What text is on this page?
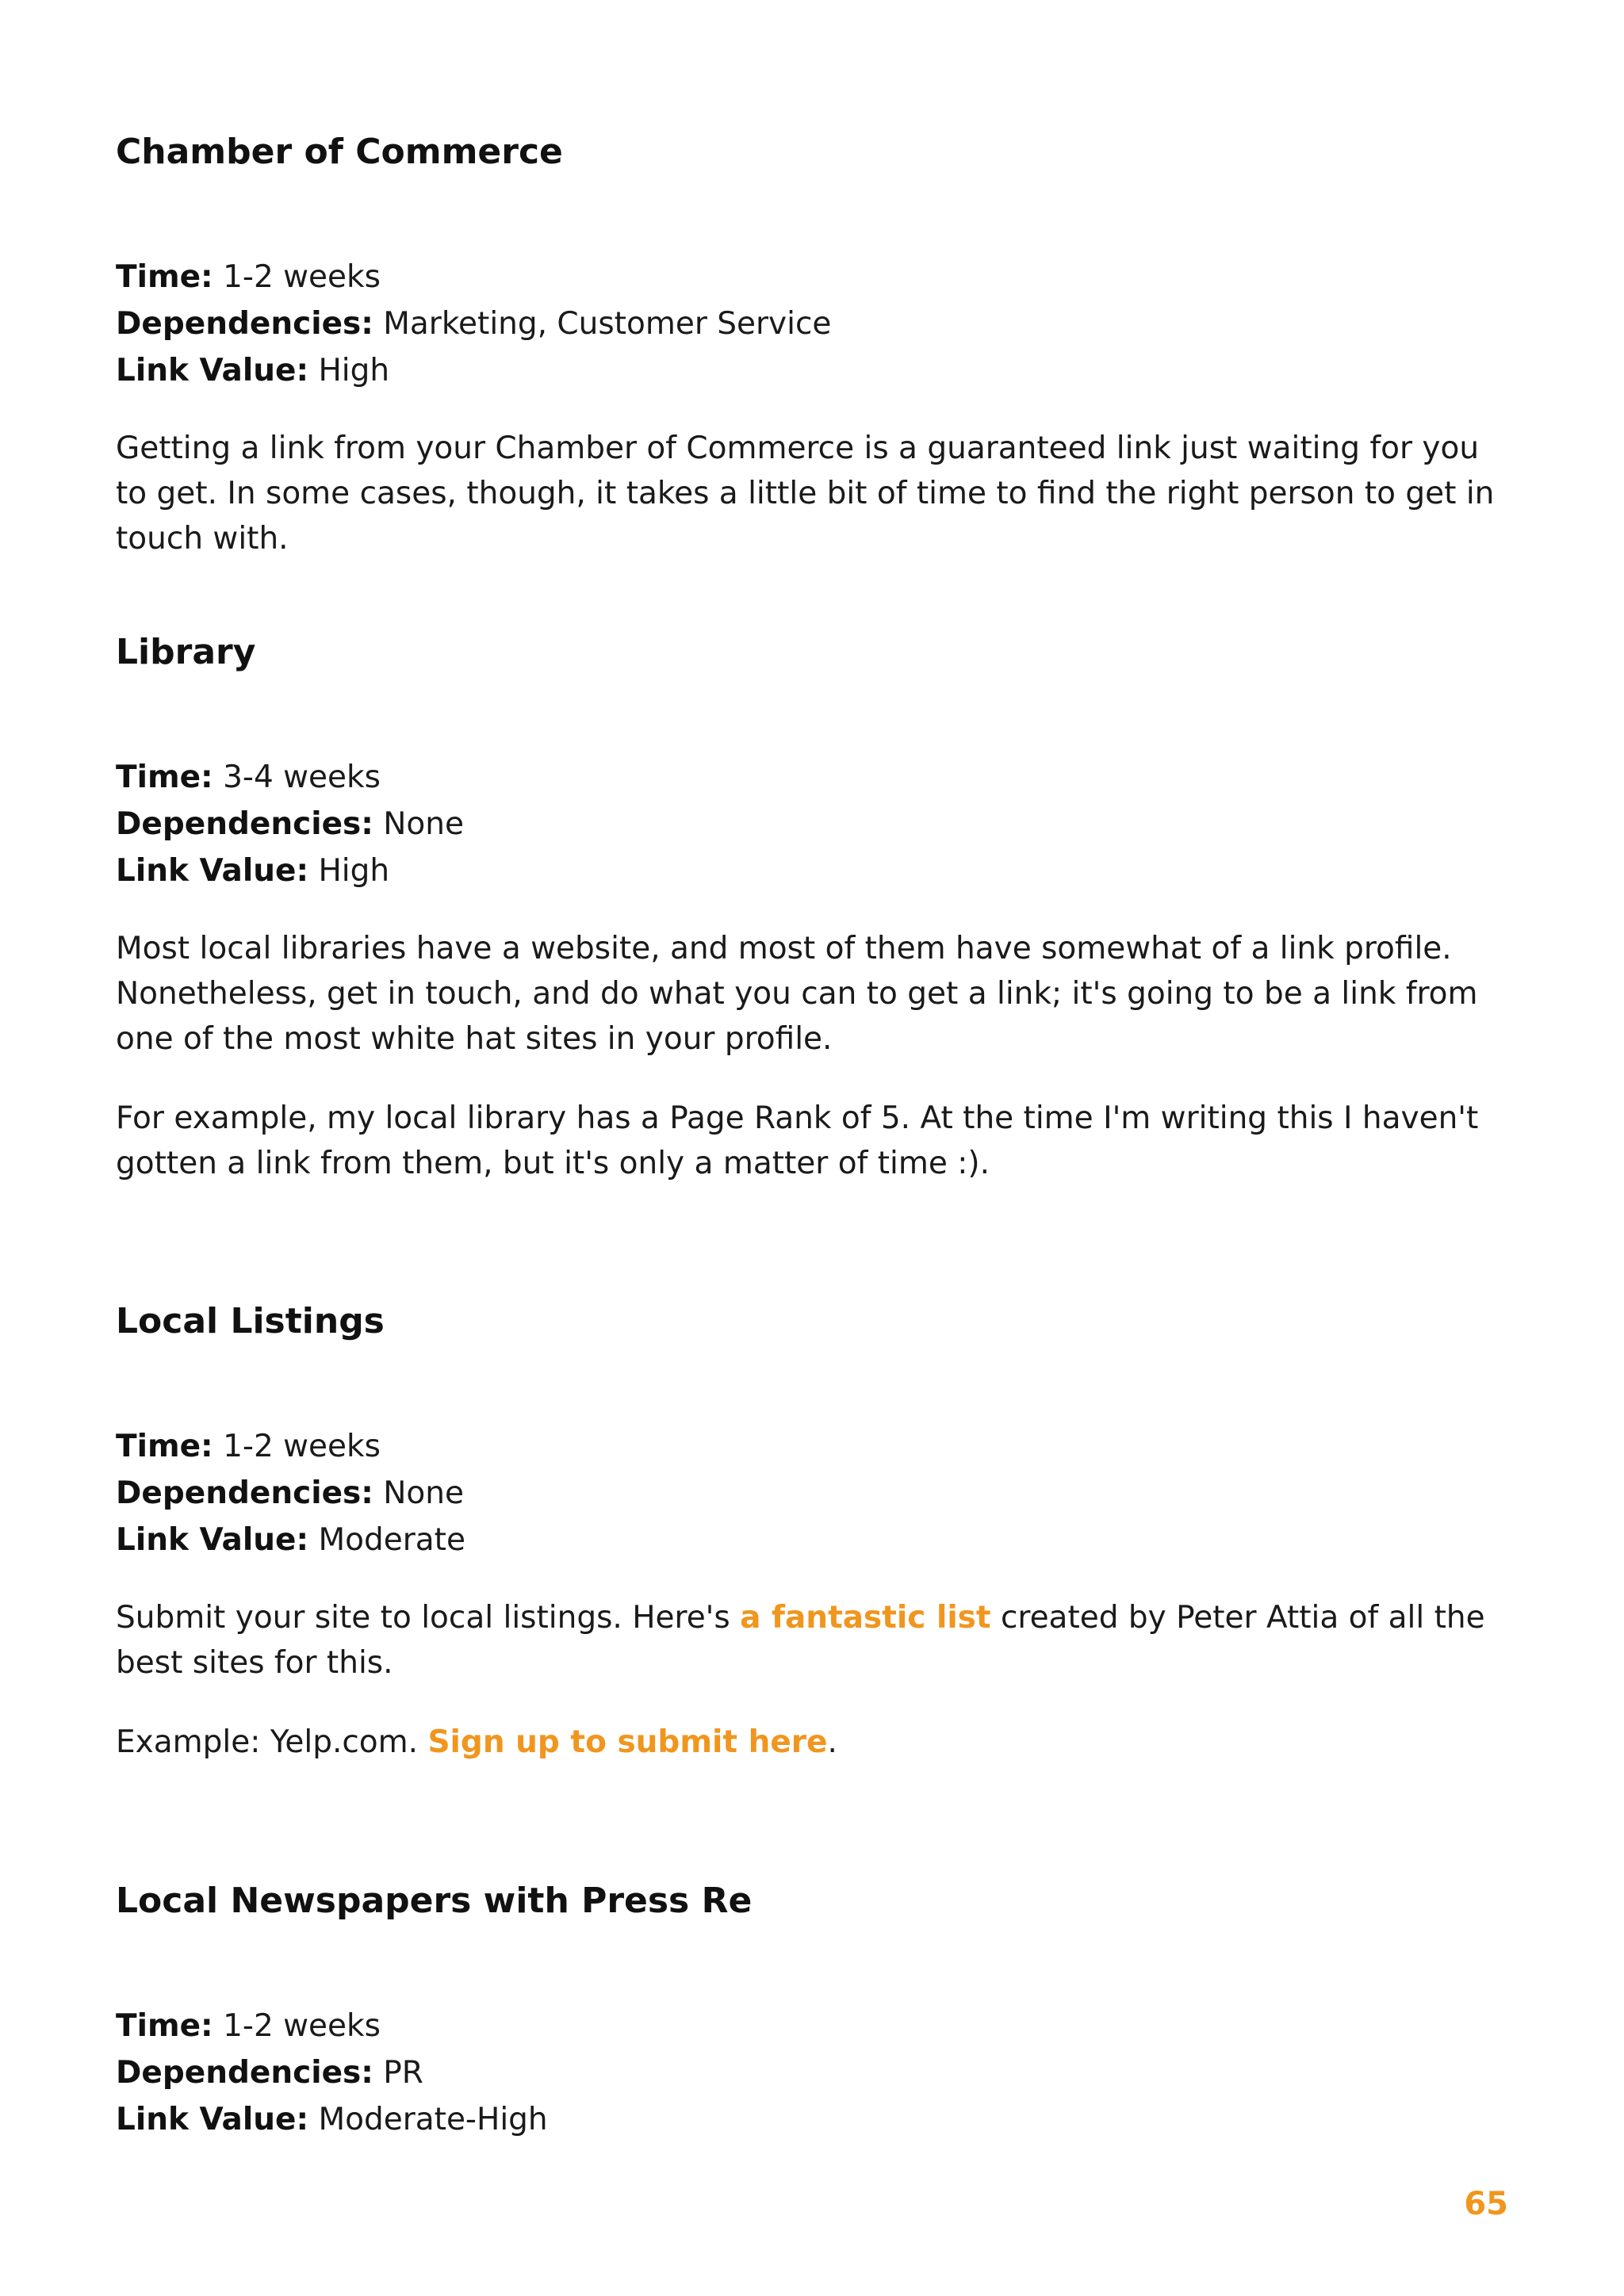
Chamber of Commerce
Time: 1-2 weeks
Dependencies: Marketing, Customer Service
Link Value: High

Getting a link from your Chamber of Commerce is a guaranteed link just waiting for you to get. In some cases, though, it takes a little bit of time to find the right person to get in touch with.

Library
Time: 3-4 weeks
Dependencies: None
Link Value: High

Most local libraries have a website, and most of them have somewhat of a link profile. Nonetheless, get in touch, and do what you can to get a link; it's going to be a link from one of the most white hat sites in your profile.

For example, my local library has a Page Rank of 5. At the time I'm writing this I haven't gotten a link from them, but it's only a matter of time :).

Local Listings
Time: 1-2 weeks
Dependencies: None
Link Value: Moderate

Submit your site to local listings. Here's a fantastic list created by Peter Attia of all the best sites for this.

Example: Yelp.com. Sign up to submit here.

Local Newspapers with Press Re
Time: 1-2 weeks
Dependencies: PR
Link Value: Moderate-High
65
